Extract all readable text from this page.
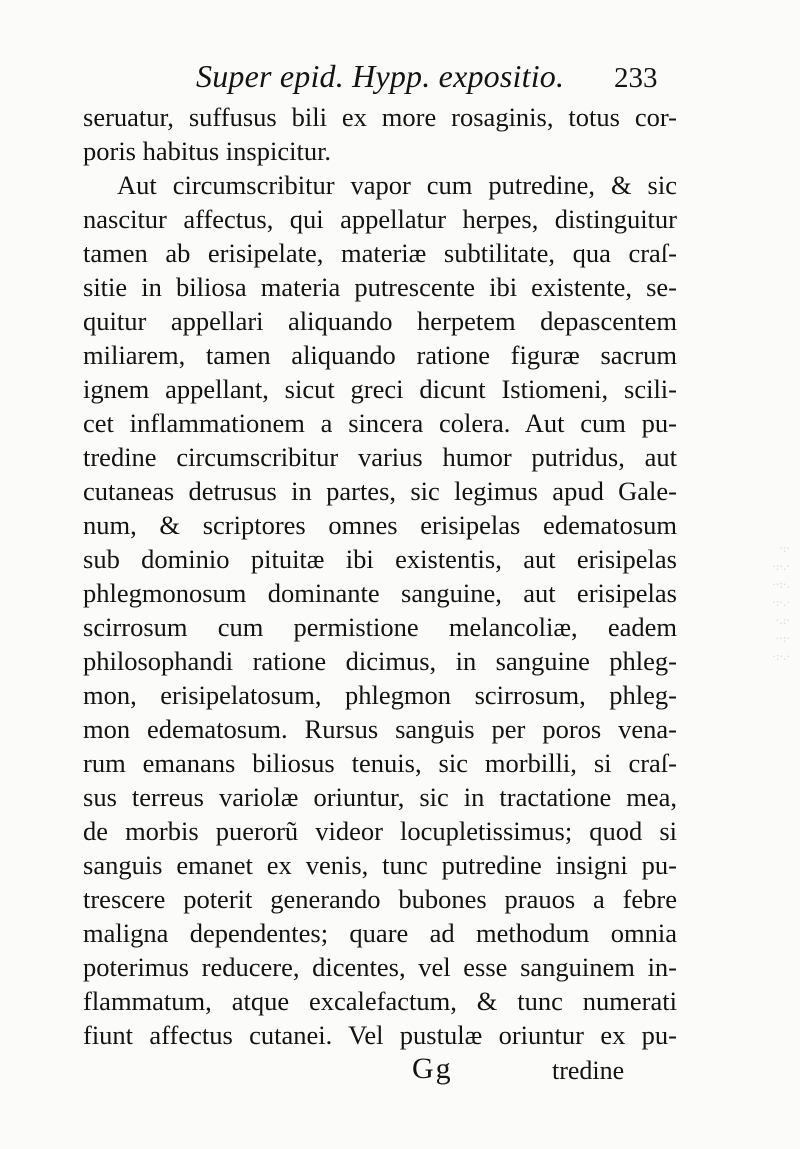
·:·
·:·.·
··:·.
·:·.·
·.:·
··:·
·:·.·
Super epid. Hypp. expositio. 233
seruatur, suffusus bili ex more rosaginis, totus cor-
poris habitus inspicitur.
Aut circumscribitur vapor cum putredine, & sic
nascitur affectus, qui appellatur herpes, distinguitur
tamen ab erisipelate, materiæ subtilitate, qua craſ-
sitie in biliosa materia putrescente ibi existente, se-
quitur appellari aliquando herpetem depascentem
miliarem, tamen aliquando ratione figuræ sacrum
ignem appellant, sicut greci dicunt Istiomeni, scili-
cet inflammationem a sincera colera. Aut cum pu-
tredine circumscribitur varius humor putridus, aut
cutaneas detrusus in partes, sic legimus apud Gale-
num, & scriptores omnes erisipelas edematosum
sub dominio pituitæ ibi existentis, aut erisipelas
phlegmonosum dominante sanguine, aut erisipelas
scirrosum cum permistione melancoliæ, eadem
philosophandi ratione dicimus, in sanguine phleg-
mon, erisipelatosum, phlegmon scirrosum, phleg-
mon edematosum. Rursus sanguis per poros vena-
rum emanans biliosus tenuis, sic morbilli, si craſ-
sus terreus variolæ oriuntur, sic in tractatione mea,
de morbis puerorũ videor locupletissimus; quod si
sanguis emanet ex venis, tunc putredine insigni pu-
trescere poterit generando bubones prauos a febre
maligna dependentes; quare ad methodum omnia
poterimus reducere, dicentes, vel esse sanguinem in-
flammatum, atque excalefactum, & tunc numerati
fiunt affectus cutanei. Vel pustulæ oriuntur ex pu-
Gg	tredine
